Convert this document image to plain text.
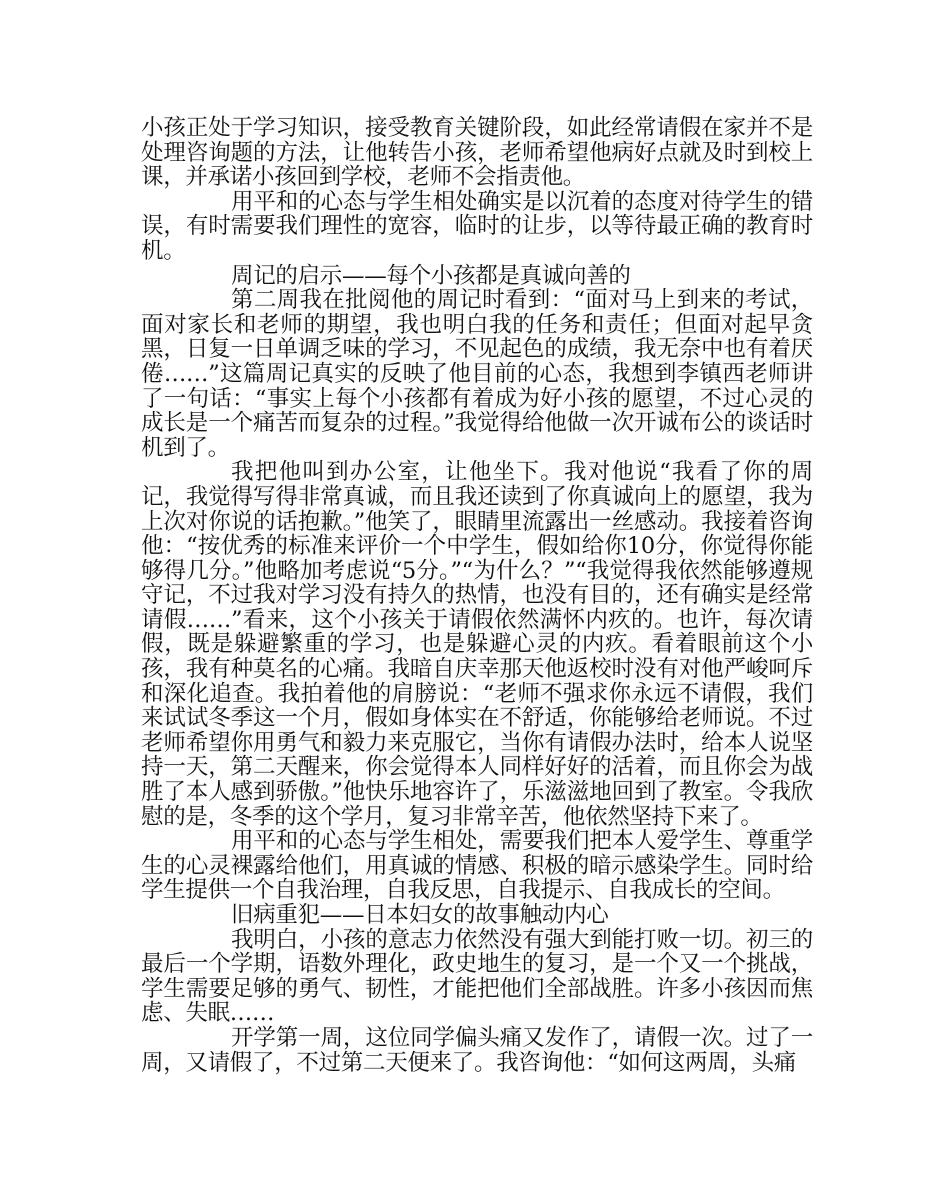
小孩正处于学习知识，接受教育关键阶段，如此经常请假在家并不是处理咨询题的方法，让他转告小孩，老师希望他病好点就及时到校上课，并承诺小孩回到学校，老师不会指责他。

用平和的心态与学生相处确实是以沉着的态度对待学生的错误，有时需要我们理性的宽容，临时的让步，以等待最正确的教育时机。

周记的启示——每个小孩都是真诚向善的

第二周我在批阅他的周记时看到：“面对马上到来的考试，面对家长和老师的期望，我也明白我的任务和责任；但面对起早贪黑，日复一日单调乏味的学习，不见起色的成绩，我无奈中也有着厌倦……”这篇周记真实的反映了他目前的心态，我想到李镇西老师讲了一句话：“事实上每个小孩都有着成为好小孩的愿望，不过心灵的成长是一个痛苦而复杂的过程。”我觉得给他做一次开诚布公的谈话时机到了。

我把他叫到办公室，让他坐下。我对他说“我看了你的周记，我觉得写得非常真诚，而且我还读到了你真诚向上的愿望，我为上次对你说的话抱歉。”他笑了，眼睛里流露出一丝感动。我接着咨询他：“按优秀的标准来评价一个中学生，假如给你10分，你觉得你能够得几分。”他略加考虑说“5分。”“为什么？”“我觉得我依然能够遵规守记，不过我对学习没有持久的热情，也没有目的，还有确实是经常请假……”看来，这个小孩关于请假依然满怀内疚的。也许，每次请假，既是躲避繁重的学习，也是躲避心灵的内疚。看着眼前这个小孩，我有种莫名的心痛。我暗自庆幸那天他返校时没有对他严峻呵斥和深化追查。我拍着他的肩膀说：“老师不强求你永远不请假，我们来试试冬季这一个月，假如身体实在不舒适，你能够给老师说。不过老师希望你用勇气和毅力来克服它，当你有请假办法时，给本人说坚持一天，第二天醒来，你会觉得本人同样好好的活着，而且你会为战胜了本人感到骄傲。”他快乐地容许了，乐滋滋地回到了教室。令我欣慰的是，冬季的这个学月，复习非常辛苦，他依然坚持下来了。

用平和的心态与学生相处，需要我们把本人爱学生、尊重学生的心灵裸露给他们，用真诚的情感、积极的暗示感染学生。同时给学生提供一个自我治理，自我反思，自我提示、自我成长的空间。

旧病重犯——日本妇女的故事触动内心

我明白，小孩的意志力依然没有强大到能打败一切。初三的最后一个学期，语数外理化，政史地生的复习，是一个又一个挑战，学生需要足够的勇气、韧性，才能把他们全部战胜。许多小孩因而焦虑、失眠……

开学第一周，这位同学偏头痛又发作了，请假一次。过了一周，又请假了，不过第二天便来了。我咨询他：“如何这两周，头痛
